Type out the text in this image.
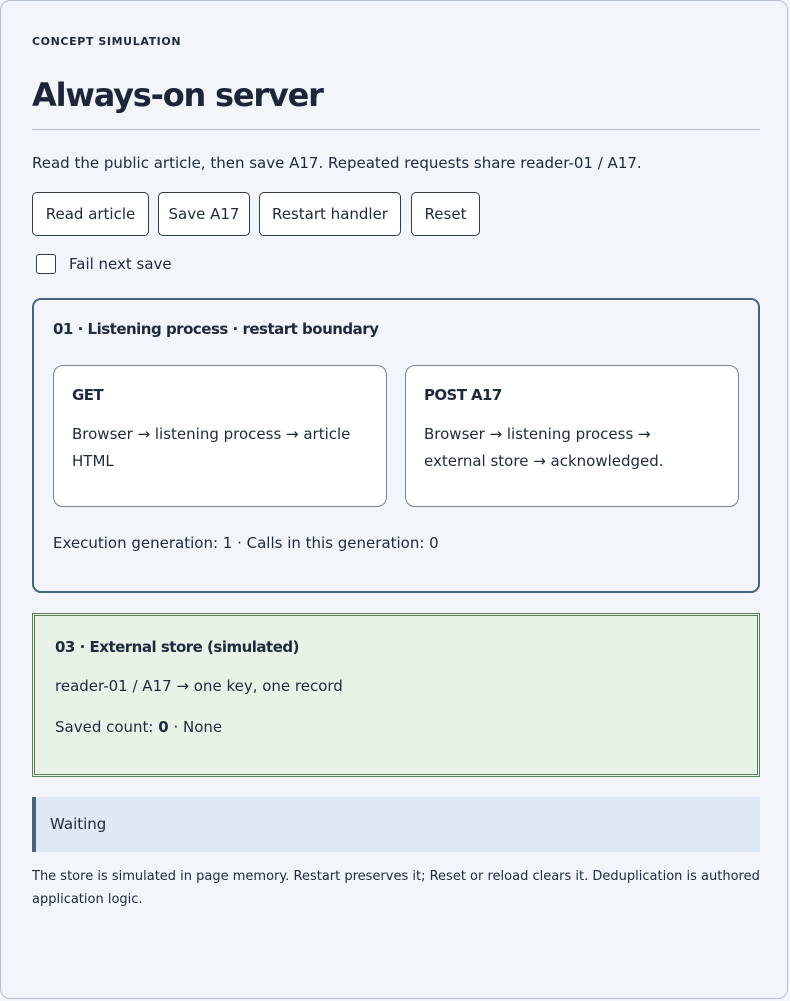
CONCEPT SIMULATION
Always-on server
Read the public article, then save A17. Repeated requests share reader-01 / A17.
Read article	Save A17	Restart handler	Reset
Fail next save
01 · Listening process · restart boundary
GET
Browser → listening process → article HTML
POST A17
Browser → listening process → external store → acknowledged.
Execution generation: 1 · Calls in this generation: 0
03 · External store (simulated)
reader-01 / A17 → one key, one record
Saved count: 0 · None
Waiting
The store is simulated in page memory. Restart preserves it; Reset or reload clears it. Deduplication is authored application logic.
